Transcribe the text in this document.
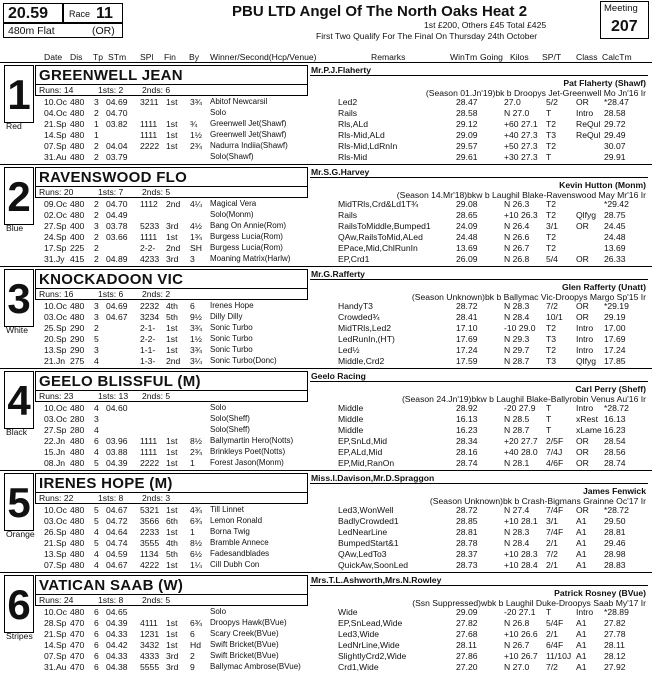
20.59 Race 11
480m Flat	(OR)
PBU LTD Angel Of The North Oaks Heat 2
1st £200, Others £45 Total £425
First Two Qualify For The Final On Thursday 24th October
Meeting
207
Date Dis Tp STm SPl Fin By Winner/Second(Hcp/Venue)	Remarks	WinTm Going Kilos SP/T Class CalcTm
1 GREENWELL JEAN
Runs: 14	1sts: 2 2nds: 6
Mr.P.J.Flaherty
Pat Flaherty (Shawf)
(Season 01.Jn'19)bk b Droopys Jet-Greenwell Mo Jn'16 Ir
Red
10.Oc 480 3 04.69 3211 1st 3¾ Abitof Newcarsil	Led2	28.47	27.0	5/2 OR *28.47
04.Oc 480 2 04.70	Solo	Rails	28.58	N 27.0 T	Intro 28.58
21.Sp 480 1 03.82 1111 1st ¾ Greenwell Jet(Shawf)	Rls,ALd	29.12	+60 27.1 T2 ReQul 29.72
14.Sp 480 1	1111 1st 1½ Greenwell Jet(Shawf)	Rls-Mid,ALd	29.09	+40 27.3 T3 ReQul 29.49
07.Sp 480 2 04.04 2222 1st 2¾ Nadurra Indiia(Shawf)	Rls-Mid,LdRnIn	29.57	+50 27.3 T2	30.07
31.Au 480 2 03.79	Solo(Shawf)	Rls-Mid	29.61	+30 27.3 T	29.91
2 RAVENSWOOD FLO
Runs: 20	1sts: 7 2nds: 5
Mr.S.G.Harvey
Kevin Hutton (Monm)
(Season 14.Mr'18)bkw b Laughil Blake-Ravenswood May Mr'16 Ir
Blue
09.Oc 480 2 04.70 1112 2nd 4¼ Magical Vera	MidTRls,Crd&Ld1T¾	29.08	N 26.3 T2	*29.42
02.Oc 480 2 04.49	Solo(Monm)	Rails	28.65	+10 26.3 T2 Qlfyg 28.75
27.Sp 400 3 03.78 5233 3rd 4½ Bang On Annie(Rom)	RailsToMiddle,Bumped1	24.09	N 26.4 3/1 OR 24.45
24.Sp 400 2 03.66 1111 1st 1¾ Burgess Lucia(Rom)	QAw,RailsToMid,ALed	24.48	N 26.6 T2	24.48
17.Sp 225 2	2-2- 2nd SH Burgess Lucia(Rom)	EPace,Mid,ChlRunIn	13.69	N 26.7 T2	13.69
31.Jy 415 2 04.89 4233 3rd 3 Moaning Matrix(Harlw)	EP,Crd1	26.09	N 26.8 5/4 OR 26.33
3 KNOCKADOON VIC
Runs: 16	1sts: 6 2nds: 2
Mr.G.Rafferty
Glen Rafferty (Unatt)
(Season Unknown)bk b Ballymac Vic-Droopys Margo Sp'15 Ir
White
10.Oc 480 3 04.69 2232 4th 6 Irenes Hope	HandyT3	28.72	N 28.3 7/2 OR *29.19
03.Oc 480 3 04.67 3234 5th 9½ Dilly Dilly	Crowded¾	28.41	N 28.4 10/1 OR 29.19
25.Sp 290 2	2-1- 1st 3¾ Sonic Turbo	MidTRls,Led2	17.10	-10 29.0 T2 Intro 17.00
20.Sp 290 5	2-2- 1st 1½ Sonic Turbo	LedRunIn,(HT)	17.69	N 29.3 T3 Intro 17.69
13.Sp 290 3	1-1- 1st 3¾ Sonic Turbo	Led½	17.24	N 29.7 T2 Intro 17.24
21.Jn 275 4	1-3- 2nd 3¼ Sonic Turbo(Donc)	Middle,Crd2	17.59	N 28.7 T3 Qlfyg 17.85
4 GEELO BLISSFUL (M)
Runs: 23	1sts: 13 2nds: 5
Geelo Racing
Carl Perry (Sheff)
(Season 24.Jn'19)bkw b Laughil Blake-Ballyrobin Venus Au'16 Ir
Black
10.Oc 480 4 04.60	Solo	Middle	28.92	-20 27.9 T	Intro *28.72
03.Oc 280 3	Solo(Sheff)	Middle	16.13	N 28.5 T	xRest 16.13
27.Sp 280 4	Solo(Sheff)	Middle	16.23	N 28.7 T	xLame 16.23
22.Jn 480 6 03.96 1111 1st 8½ Ballymartin Hero(Notts)	EP,SnLd,Mid	28.34	+20 27.7 2/5F OR 28.54
15.Jn 480 4 03.88 1111 1st 2¾ Brinkleys Poet(Notts)	EP,ALd,Mid	28.16	+40 28.0 7/4J OR 28.56
08.Jn 480 5 04.39 2222 1st 1 Forest Jason(Monm)	EP,Mid,RanOn	28.74	N 28.1 4/6F OR 28.74
5 IRENES HOPE (M)
Runs: 22	1sts: 8 2nds: 3
Miss.I.Davison,Mr.D.Spraggon
James Fenwick
(Season Unknown)bk b Crash-Bigmans Grainne Oc'17 Ir
Orange
10.Oc 480 5 04.67 5321 1st 4¾ Till Linnet	Led3,WonWell	28.72	N 27.4 7/4F OR *28.72
03.Oc 480 5 04.72 3566 6th 6¾ Lemon Ronald	BadlyCrowded1	28.85	+10 28.1 3/1 A1 29.50
26.Sp 480 4 04.64 2233 1st 1 Borna Twig	LedNearLine	28.81	N 28.3 7/4F A1 28.81
21.Sp 480 5 04.74 3555 4th 8½ Bramble Annece	BumpedStart&1	28.78	N 28.4 2/1 A1 29.46
13.Sp 480 4 04.59 1134 5th 6½ Fadesandblades	QAw,LedTo3	28.37	+10 28.3 7/2 A1 28.98
07.Sp 480 4 04.67 4222 1st 1¼ Cill Dubh Con	QuickAw,SoonLed	28.73	+10 28.4 2/1 A1 28.83
6 VATICAN SAAB (W)
Runs: 24	1sts: 8 2nds: 5
Mrs.T.L.Ashworth,Mrs.N.Rowley
Patrick Rosney (BVue)
(Ssn Suppressed)wbk b Laughil Duke-Droopys Saab My'17 Ir
Stripes
10.Oc 480 6 04.65	Solo	Wide	29.09	-20 27.1 T	Intro *28.89
28.Sp 470 6 04.39 4111 1st 6¾ Droopys Hawk(BVue)	EP,SnLead,Wide	27.82	N 26.8 5/4F A1 27.82
21.Sp 470 6 04.33 1231 1st 6 Scary Creek(BVue)	Led3,Wide	27.68	+10 26.6 2/1 A1 27.78
14.Sp 470 6 04.42 3432 1st Hd Swift Bricket(BVue)	LedNrLine,Wide	28.11	N 26.7 6/4F A1 28.11
07.Sp 470 6 04.33 4333 3rd 2 Swift Bricket(BVue)	SlightlyCrd2,Wide	27.86	+10 26.7 11/10J A1 28.12
31.Au 470 6 04.38 5555 3rd 9 Ballymac Ambrose(BVue)	Crd1,Wide	27.20	N 27.0 7/2 A1 27.92
